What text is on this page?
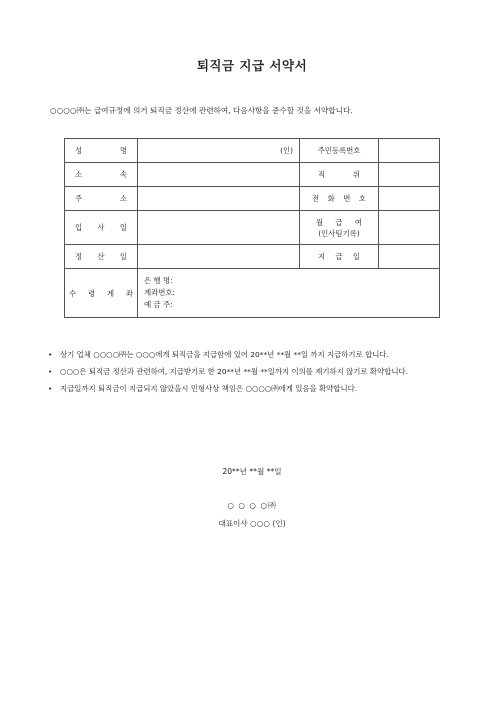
퇴직금 지급 서약서
○○○○㈜는 급여규정에 의거 퇴직금 정산에 관련하여, 다음사항을 준수할 것을 서약합니다.
성 명	(인)	주민등록번호	

소 속		직 위	

주 소		전 화 번 호	

입 사 일		월 급 여
(인사팀기록)	

정 산 일		지 급 일	

수 령 계 좌	은 행 명:
계좌번호:
예 금 주:		
• 상기 업체 ○○○○㈜는 ○○○에게 퇴직금을 지급함에 있어 20**년 **월 **일 까지 지급하기로 합니다.
• ○○○은 퇴직금 정산과 관련하여, 지급받기로 한 20**년 **월 **일까지 이의를 제기하지 않기로 확약합니다.
• 지급일까지 퇴직금이 지급되지 않았을시 민형사상 책임은 ○○○○㈜에게 있음을 확약합니다.
20**년 **월 **일
○ ○ ○ ○㈜
대표이사 ○○○ (인)
